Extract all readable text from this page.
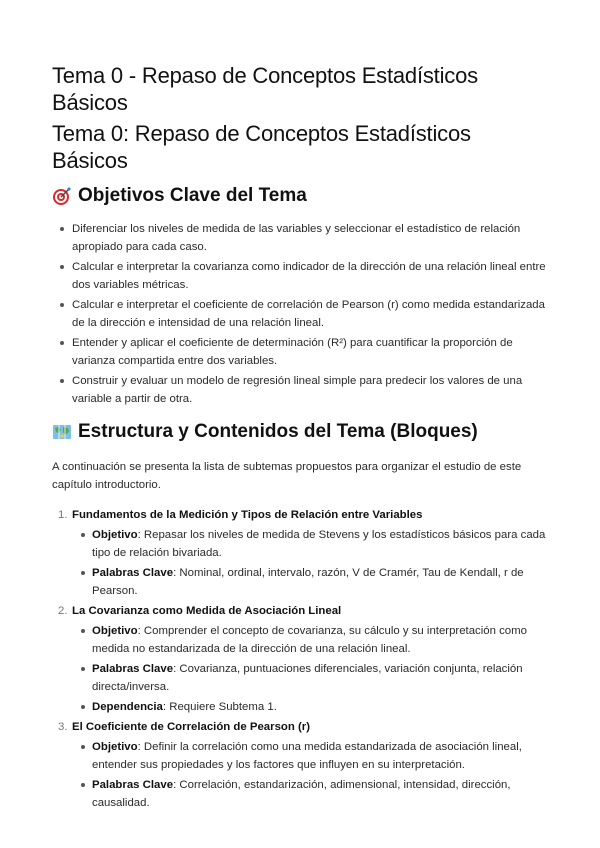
Tema 0 - Repaso de Conceptos Estadísticos Básicos
Tema 0: Repaso de Conceptos Estadísticos Básicos
Objetivos Clave del Tema
Diferenciar los niveles de medida de las variables y seleccionar el estadístico de relación apropiado para cada caso.
Calcular e interpretar la covarianza como indicador de la dirección de una relación lineal entre dos variables métricas.
Calcular e interpretar el coeficiente de correlación de Pearson (r) como medida estandarizada de la dirección e intensidad de una relación lineal.
Entender y aplicar el coeficiente de determinación (R²) para cuantificar la proporción de varianza compartida entre dos variables.
Construir y evaluar un modelo de regresión lineal simple para predecir los valores de una variable a partir de otra.
Estructura y Contenidos del Tema (Bloques)

A continuación se presenta la lista de subtemas propuestos para organizar el estudio de este capítulo introductorio.

1. Fundamentos de la Medición y Tipos de Relación entre Variables
Objetivo: Repasar los niveles de medida de Stevens y los estadísticos básicos para cada tipo de relación bivariada.
Palabras Clave: Nominal, ordinal, intervalo, razón, V de Cramér, Tau de Kendall, r de Pearson.
2. La Covarianza como Medida de Asociación Lineal
Objetivo: Comprender el concepto de covarianza, su cálculo y su interpretación como medida no estandarizada de la dirección de una relación lineal.
Palabras Clave: Covarianza, puntuaciones diferenciales, variación conjunta, relación directa/inversa.
Dependencia: Requiere Subtema 1.
3. El Coeficiente de Correlación de Pearson (r)
Objetivo: Definir la correlación como una medida estandarizada de asociación lineal, entender sus propiedades y los factores que influyen en su interpretación.
Palabras Clave: Correlación, estandarización, adimensional, intensidad, dirección, causalidad.
